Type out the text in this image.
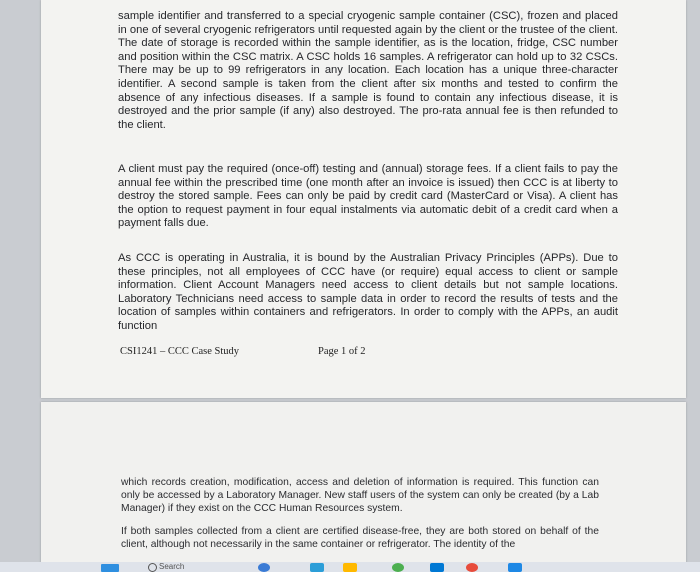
sample identifier and transferred to a special cryogenic sample container (CSC), frozen and placed in one of several cryogenic refrigerators until requested again by the client or the trustee of the client. The date of storage is recorded within the sample identifier, as is the location, fridge, CSC number and position within the CSC matrix. A CSC holds 16 samples. A refrigerator can hold up to 32 CSCs. There may be up to 99 refrigerators in any location. Each location has a unique three-character identifier. A second sample is taken from the client after six months and tested to confirm the absence of any infectious diseases. If a sample is found to contain any infectious disease, it is destroyed and the prior sample (if any) also destroyed. The pro-rata annual fee is then refunded to the client.

A client must pay the required (once-off) testing and (annual) storage fees. If a client fails to pay the annual fee within the prescribed time (one month after an invoice is issued) then CCC is at liberty to destroy the stored sample. Fees can only be paid by credit card (MasterCard or Visa). A client has the option to request payment in four equal instalments via automatic debit of a credit card when a payment falls due.

As CCC is operating in Australia, it is bound by the Australian Privacy Principles (APPs). Due to these principles, not all employees of CCC have (or require) equal access to client or sample information. Client Account Managers need access to client details but not sample locations. Laboratory Technicians need access to sample data in order to record the results of tests and the location of samples within containers and refrigerators. In order to comply with the APPs, an audit function

CSI1241 – CCC Case Study	Page 1 of 2

which records creation, modification, access and deletion of information is required. This function can only be accessed by a Laboratory Manager. New staff users of the system can only be created (by a Lab Manager) if they exist on the CCC Human Resources system.

If both samples collected from a client are certified disease-free, they are both stored on behalf of the client, although not necessarily in the same container or refrigerator. The identity of the

Search
